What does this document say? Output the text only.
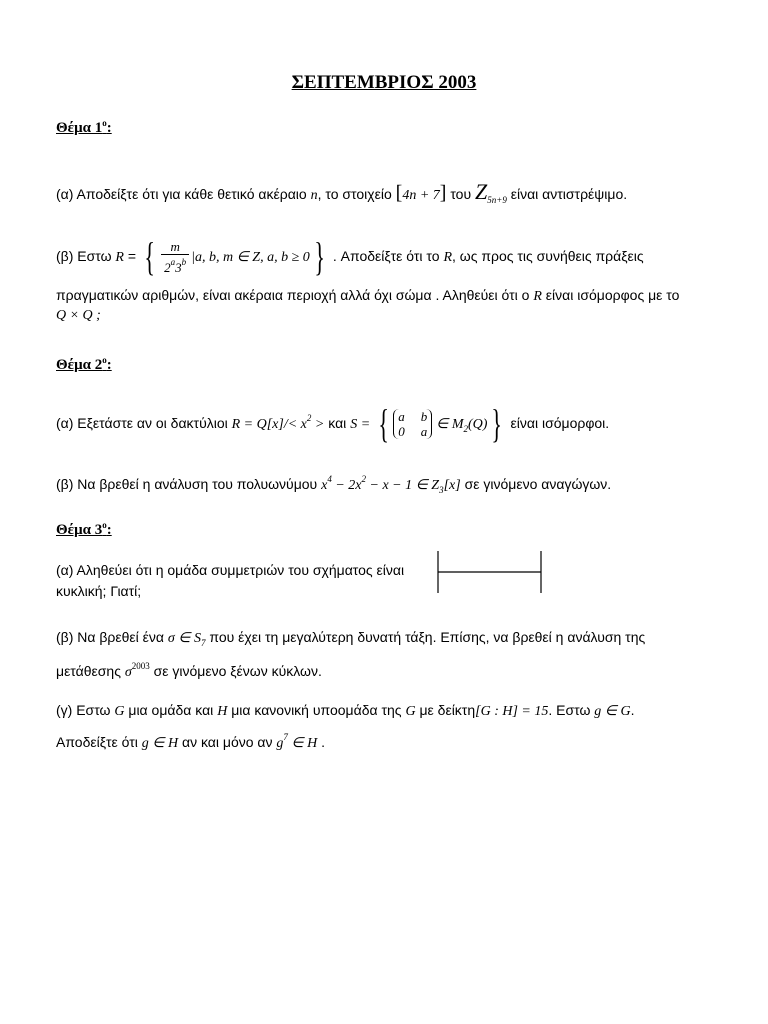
ΣΕΠΤΕΜΒΡΙΟΣ 2003
Θέμα $1^o$:
(α) Αποδείξτε ότι για κάθε θετικό ακέραιο n, το στοιχείο [4n + 7] του $Z_{5n+9}$ είναι αντιστρέψιμο.
(β) Εστω R = { $\frac{m}{2^a3^b} |a$, b, m ∈ Z, a, b ≥ 0 } . Αποδείξτε ότι το R, ως προς τις συνήθεις πράξεις
πραγματικών αριθμών, είναι ακέραια περιοχή αλλά όχι σώμα . Αληθεύει ότι ο R είναι ισόμορφος με το
Q × Q ;
Θέμα $2^o$:
(α) Εξετάστε αν οι δακτύλιοι $R = Q[x]/< x^2 > \kappa\alpha\iota$ S = { a b
0 a ∈ $M_2(Q)$ } είναι ισόμορφοι.
(β) Να βρεθεί η ανάλυση του πολυωνύμου $x^4 - 2x^2 - x - 1$ ∈ $Z_3[x]$ σε γινόμενο αναγώγων.
Θέμα $3^o$:
(α) Αληθεύει ότι η ομάδα συμμετριών του σχήματος είναι
κυκλική; Γιατί;
(β) Να βρεθεί ένα σ ∈ $S_7$ που έχει τη μεγαλύτερη δυνατή τάξη. Επίσης, να βρεθεί η ανάλυση της
μετάθεσης $\sigma^{2003}$ σε γινόμενο ξένων κύκλων.
(γ) Εστω G μια ομάδα και H μια κανονική υποομάδα της G με δείκτη[G : H] = 15. Εστω g ∈ G.
Αποδείξτε ότι g ∈ H αν και μόνο αν $g^7$ ∈ H .
